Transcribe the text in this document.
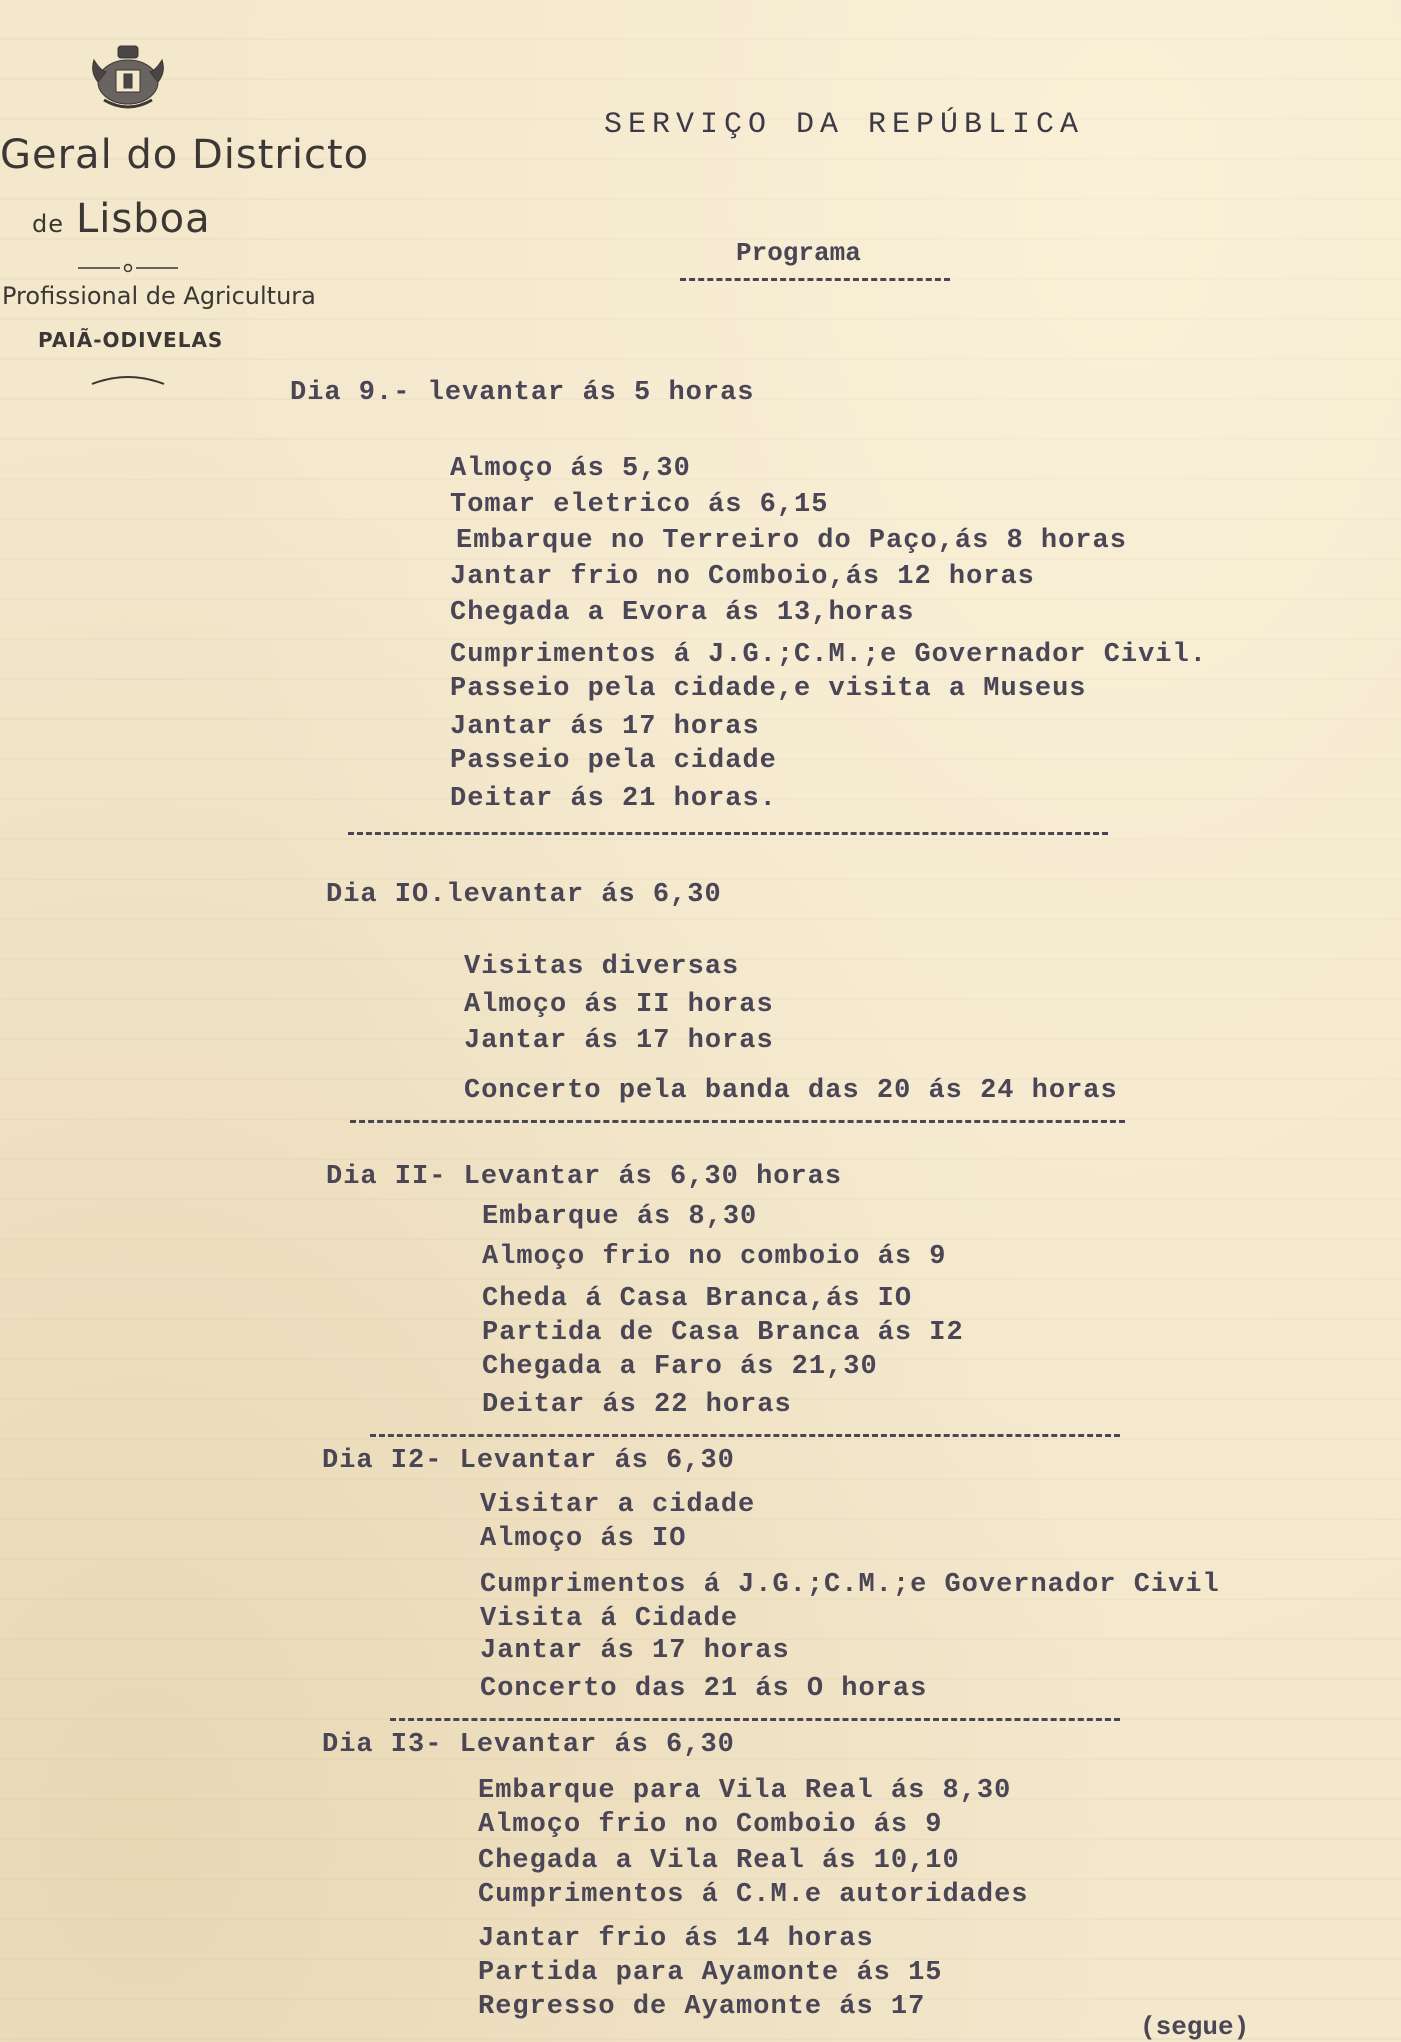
Geral do Districto
de Lisboa
Profissional de Agricultura
PAIÃ-ODIVELAS
SERVIÇO DA REPÚBLICA
Programa
Dia 9.- levantar ás 5 horas
Almoço ás 5,30
Tomar eletrico ás 6,15
Embarque no Terreiro do Paço,ás 8 horas
Jantar frio no Comboio,ás 12 horas
Chegada a Evora ás 13,horas
Cumprimentos á J.G.;C.M.;e Governador Civil.
Passeio pela cidade,e visita a Museus
Jantar ás 17 horas
Passeio pela cidade
Deitar ás 21 horas.
Dia IO.levantar ás 6,30
Visitas diversas
Almoço ás II horas
Jantar ás 17 horas
Concerto pela banda das 20 ás 24 horas
Dia II- Levantar ás 6,30 horas
Embarque ás 8,30
Almoço frio no comboio ás 9
Cheda á Casa Branca,ás IO
Partida de Casa Branca ás I2
Chegada a Faro ás 21,30
Deitar ás 22 horas
Dia I2- Levantar ás 6,30
Visitar a cidade
Almoço ás IO
Cumprimentos á J.G.;C.M.;e Governador Civil
Visita á Cidade
Jantar ás 17 horas
Concerto das 21 ás O horas
Dia I3- Levantar ás 6,30
Embarque para Vila Real ás 8,30
Almoço frio no Comboio ás 9
Chegada a Vila Real ás 10,10
Cumprimentos á C.M.e autoridades
Jantar frio ás 14 horas
Partida para Ayamonte ás 15
Regresso de Ayamonte ás 17
(segue)
